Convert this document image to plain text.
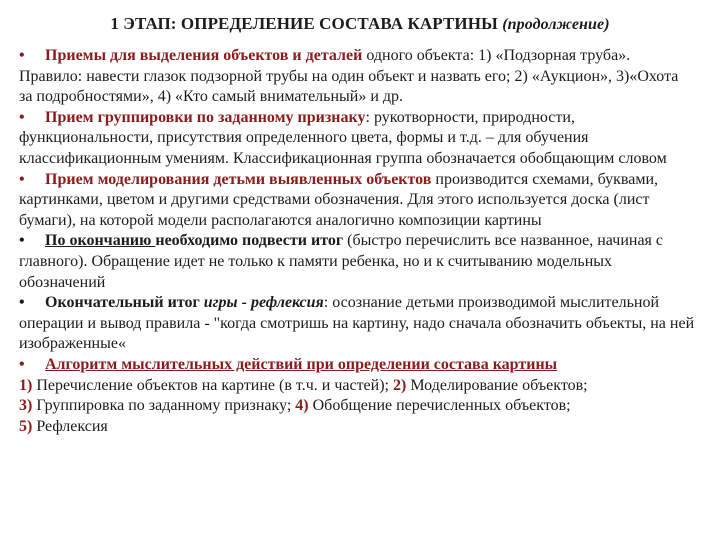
1 ЭТАП: ОПРЕДЕЛЕНИЕ СОСТАВА КАРТИНЫ (продолжение)

• Приемы для выделения объектов и деталей одного объекта: 1) «Подзорная труба». Правило: навести глазок подзорной трубы на один объект и назвать его; 2) «Аукцион», 3)«Охота за подробностями», 4) «Кто самый внимательный» и др.

• Прием группировки по заданному признаку: рукотворности, природности, функциональности, присутствия определенного цвета, формы и т.д. – для обучения классификационным умениям. Классификационная группа обозначается обобщающим словом

• Прием моделирования детьми выявленных объектов производится схемами, буквами, картинками, цветом и другими средствами обозначения. Для этого используется доска (лист бумаги), на которой модели располагаются аналогично композиции картины

• По окончанию необходимо подвести итог (быстро перечислить все названное, начиная с главного). Обращение идет не только к памяти ребенка, но и к считыванию модельных обозначений

• Окончательный итог игры - рефлексия: осознание детьми производимой мыслительной операции и вывод правила - "когда смотришь на картину, надо сначала обозначить объекты, на ней изображенные«

• Алгоритм мыслительных действий при определении состава картины

1) Перечисление объектов на картине (в т.ч. и частей); 2) Моделирование объектов;
3) Группировка по заданному признаку; 4) Обобщение перечисленных объектов;
5) Рефлексия
